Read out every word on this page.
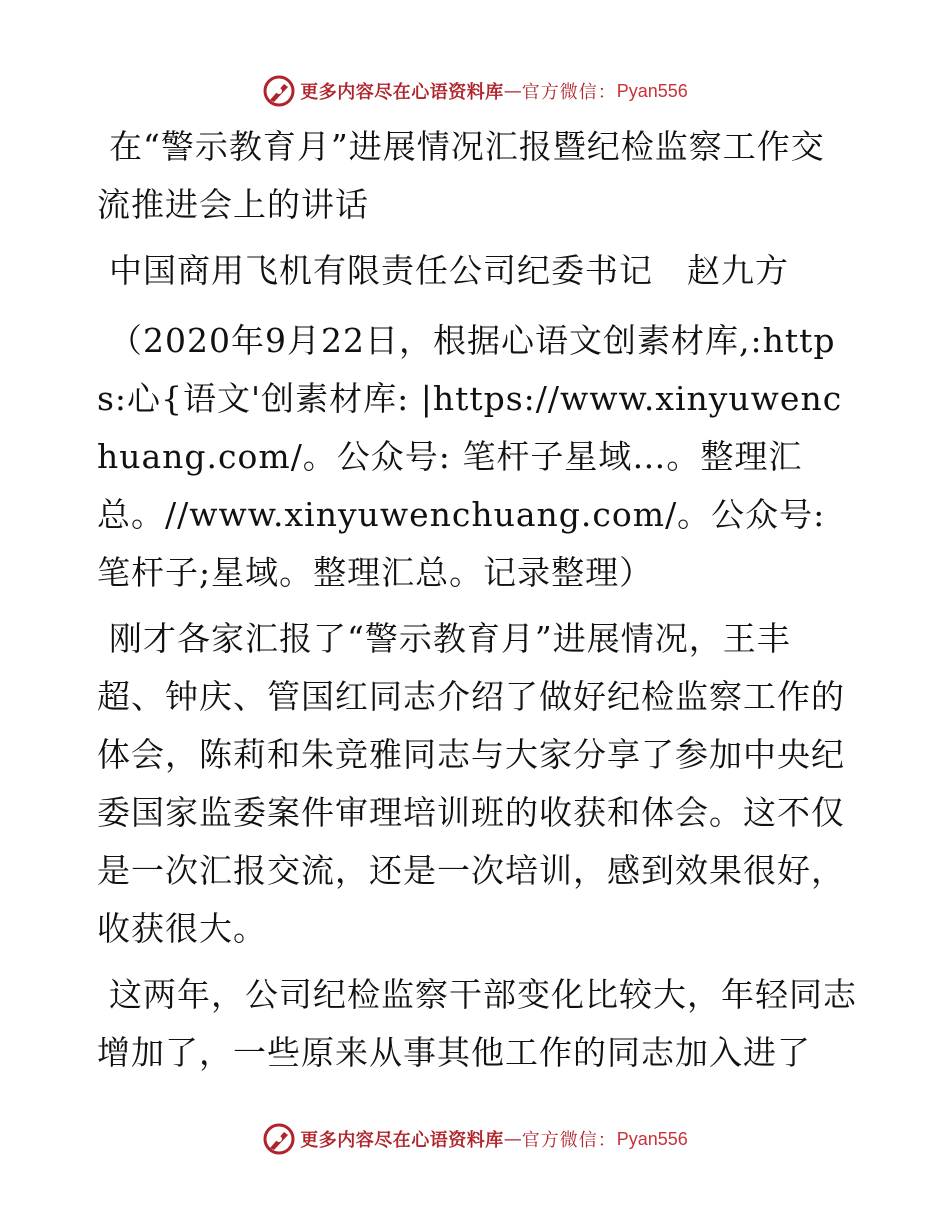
更多内容尽在心语资料库 — 官方微信： Pyan556

在“警示教育月”进展情况汇报暨纪检监察工作交流推进会上的讲话

中国商用飞机有限责任公司纪委书记　赵九方

（2020年9月22日，根据心语文创素材库,:https:心{语文'创素材库: |https://www.xinyuwenchuang.com/。公众号: 笔杆子星域…。整理汇总。//www.xinyuwenchuang.com/。公众号: 笔杆子;星域。整理汇总。记录整理）

刚才各家汇报了“警示教育月”进展情况，王丰超、钟庆、管国红同志介绍了做好纪检监察工作的体会，陈莉和朱竞雅同志与大家分享了参加中央纪委国家监委案件审理培训班的收获和体会。这不仅是一次汇报交流，还是一次培训，感到效果很好，收获很大。

这两年，公司纪检监察干部变化比较大，年轻同志增加了，一些原来从事其他工作的同志加入进了

更多内容尽在心语资料库 — 官方微信： Pyan556
